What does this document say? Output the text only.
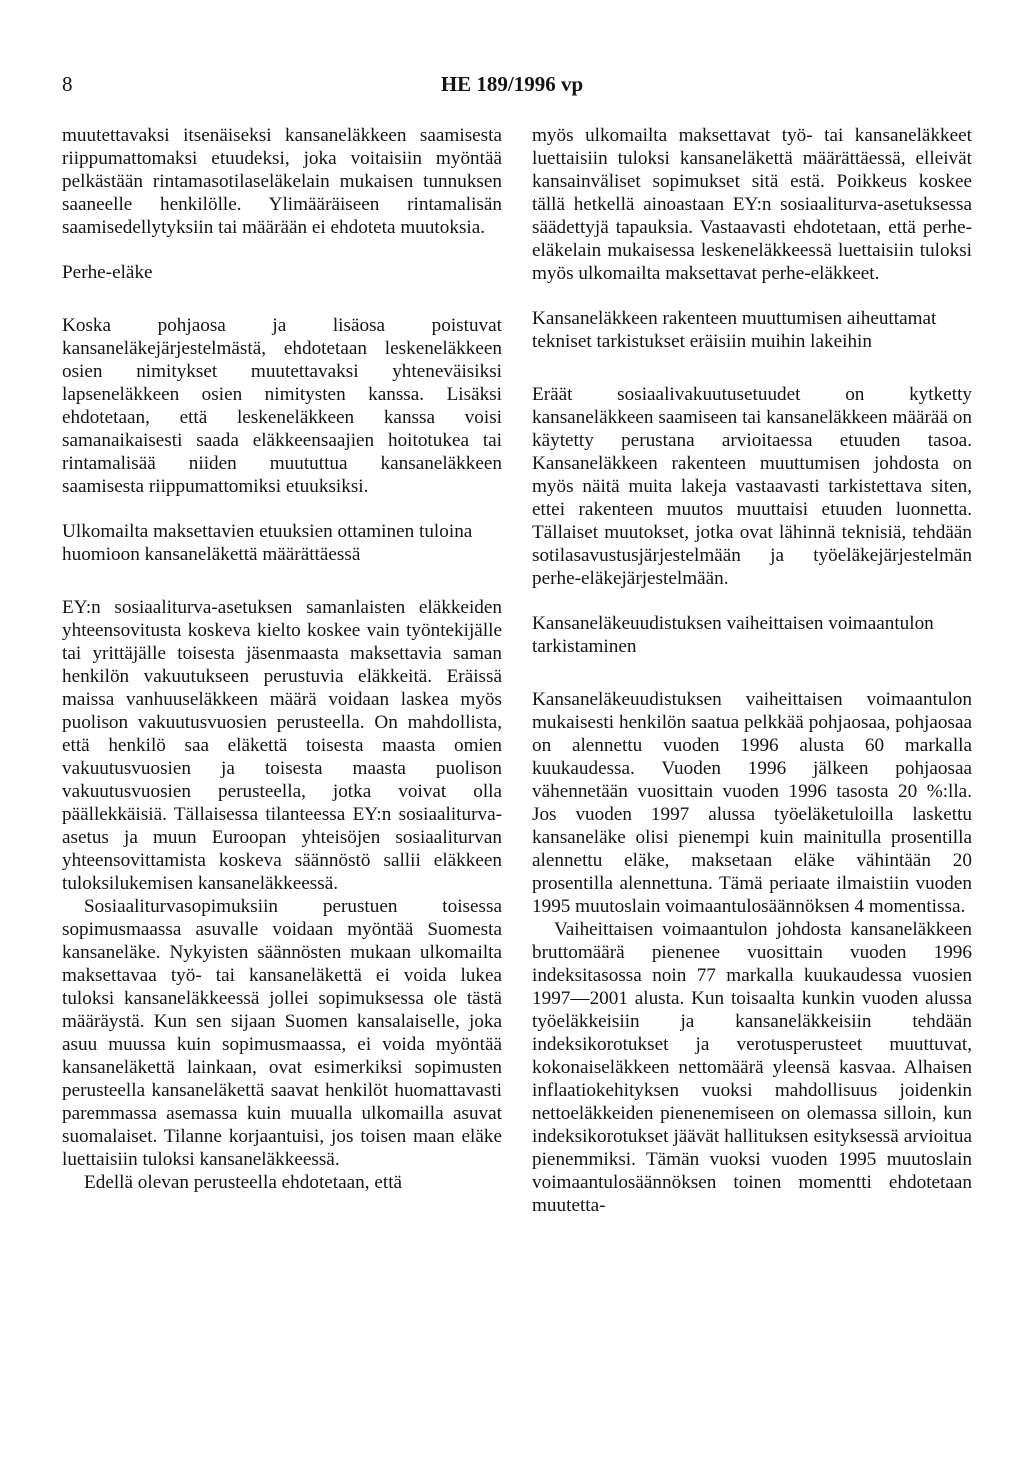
8	HE 189/1996 vp

muutettavaksi itsenäiseksi kansaneläkkeen saamisesta riippumattomaksi etuudeksi, joka voitaisiin myöntää pelkästään rintamasotilaseläkelain mukaisen tunnuksen saaneelle henkilölle. Ylimääräiseen rintamalisän saamisedellytyksiin tai määrään ei ehdoteta muutoksia.

Perhe-eläke

Koska pohjaosa ja lisäosa poistuvat kansaneläkejärjestelmästä, ehdotetaan leskeneläkkeen osien nimitykset muutettavaksi yhteneväisiksi lapseneläkkeen osien nimitysten kanssa. Lisäksi ehdotetaan, että leskeneläkkeen kanssa voisi samanaikaisesti saada eläkkeensaajien hoitotukea tai rintamalisää niiden muututtua kansaneläkkeen saamisesta riippumattomiksi etuuksiksi.

Ulkomailta maksettavien etuuksien ottaminen tuloina huomioon kansaneläkettä määrättäessä

EY:n sosiaaliturva-asetuksen samanlaisten eläkkeiden yhteensovitusta koskeva kielto koskee vain työntekijälle tai yrittäjälle toisesta jäsenmaasta maksettavia saman henkilön vakuutukseen perustuvia eläkkeitä. Eräissä maissa vanhuuseläkkeen määrä voidaan laskea myös puolison vakuutusvuosien perusteella. On mahdollista, että henkilö saa eläkettä toisesta maasta omien vakuutusvuosien ja toisesta maasta puolison vakuutusvuosien perusteella, jotka voivat olla päällekkäisiä. Tällaisessa tilanteessa EY:n sosiaaliturva-asetus ja muun Euroopan yhteisöjen sosiaaliturvan yhteensovittamista koskeva säännöstö sallii eläkkeen tuloksilukemisen kansaneläkkeessä.

Sosiaaliturvasopimuksiin perustuen toisessa sopimusmaassa asuvalle voidaan myöntää Suomesta kansaneläke. Nykyisten säännösten mukaan ulkomailta maksettavaa työ- tai kansaneläkettä ei voida lukea tuloksi kansaneläkkeessä jollei sopimuksessa ole tästä määräystä. Kun sen sijaan Suomen kansalaiselle, joka asuu muussa kuin sopimusmaassa, ei voida myöntää kansaneläkettä lainkaan, ovat esimerkiksi sopimusten perusteella kansaneläkettä saavat henkilöt huomattavasti paremmassa asemassa kuin muualla ulkomailla asuvat suomalaiset. Tilanne korjaantuisi, jos toisen maan eläke luettaisiin tuloksi kansaneläkkeessä.

Edellä olevan perusteella ehdotetaan, että

myös ulkomailta maksettavat työ- tai kansaneläkkeet luettaisiin tuloksi kansaneläkettä määrättäessä, elleivät kansainväliset sopimukset sitä estä. Poikkeus koskee tällä hetkellä ainoastaan EY:n sosiaaliturva-asetuksessa säädettyjä tapauksia. Vastaavasti ehdotetaan, että perhe-eläkelain mukaisessa leskeneläkkeessä luettaisiin tuloksi myös ulkomailta maksettavat perhe-eläkkeet.

Kansaneläkkeen rakenteen muuttumisen aiheuttamat tekniset tarkistukset eräisiin muihin lakeihin

Eräät sosiaalivakuutusetuudet on kytketty kansaneläkkeen saamiseen tai kansaneläkkeen määrää on käytetty perustana arvioitaessa etuuden tasoa. Kansaneläkkeen rakenteen muuttumisen johdosta on myös näitä muita lakeja vastaavasti tarkistettava siten, ettei rakenteen muutos muuttaisi etuuden luonnetta. Tällaiset muutokset, jotka ovat lähinnä teknisiä, tehdään sotilasavustusjärjestelmään ja työeläkejärjestelmän perhe-eläkejärjestelmään.

Kansaneläkeuudistuksen vaiheittaisen voimaantulon tarkistaminen

Kansaneläkeuudistuksen vaiheittaisen voimaantulon mukaisesti henkilön saatua pelkkää pohjaosaa, pohjaosaa on alennettu vuoden 1996 alusta 60 markalla kuukaudessa. Vuoden 1996 jälkeen pohjaosaa vähennetään vuosittain vuoden 1996 tasosta 20 %:lla. Jos vuoden 1997 alussa työeläketuloilla laskettu kansaneläke olisi pienempi kuin mainitulla prosentilla alennettu eläke, maksetaan eläke vähintään 20 prosentilla alennettuna. Tämä periaate ilmaistiin vuoden 1995 muutoslain voimaantulosäännöksen 4 momentissa.

Vaiheittaisen voimaantulon johdosta kansaneläkkeen bruttomäärä pienenee vuosittain vuoden 1996 indeksitasossa noin 77 markalla kuukaudessa vuosien 1997—2001 alusta. Kun toisaalta kunkin vuoden alussa työeläkkeisiin ja kansaneläkkeisiin tehdään indeksikorotukset ja verotusperusteet muuttuvat, kokonaiseläkkeen nettomäärä yleensä kasvaa. Alhaisen inflaatiokehityksen vuoksi mahdollisuus joidenkin nettoeläkkeiden pienenemiseen on olemassa silloin, kun indeksikorotukset jäävät hallituksen esityksessä arvioitua pienemmiksi. Tämän vuoksi vuoden 1995 muutoslain voimaantulosäännöksen toinen momentti ehdotetaan muutetta-
